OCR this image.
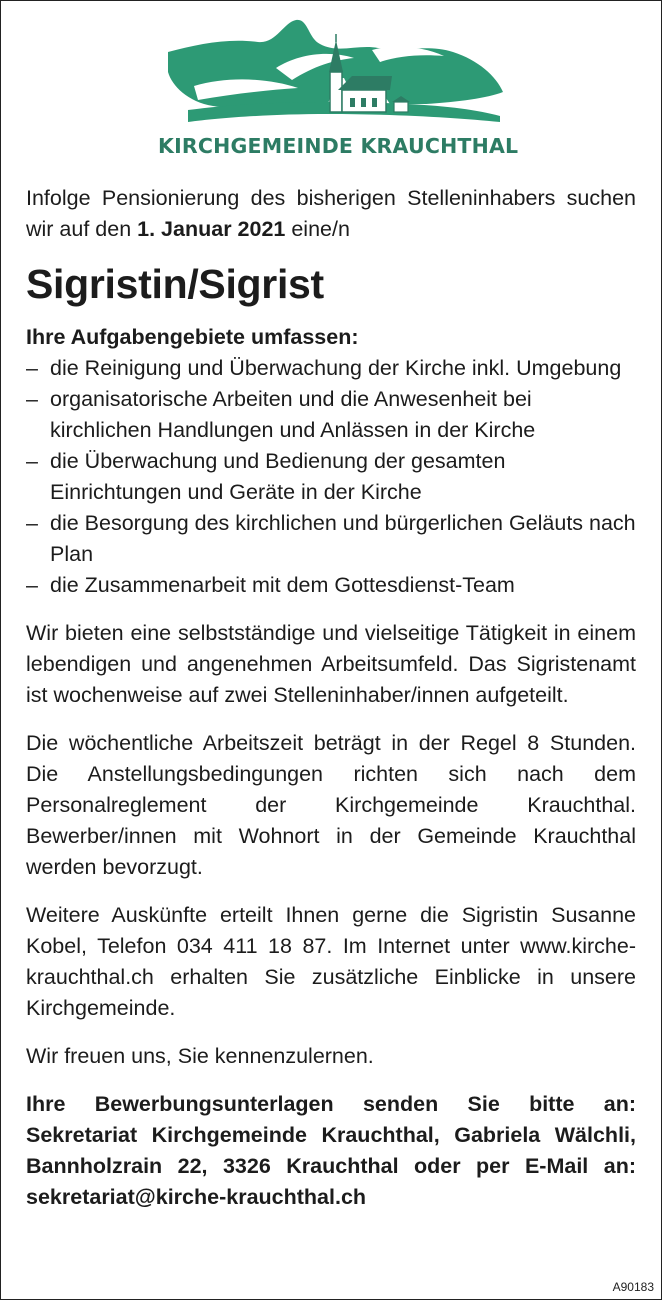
KIRCHGEMEINDE KRAUCHTHAL

Infolge Pensionierung des bisherigen Stelleninhabers suchen wir auf den 1. Januar 2021 eine/n

Sigristin/Sigrist

Ihre Aufgabengebiete umfassen:

– die Reinigung und Überwachung der Kirche inkl. Umgebung
– organisatorische Arbeiten und die Anwesenheit bei kirchlichen Handlungen und Anlässen in der Kirche
– die Überwachung und Bedienung der gesamten Einrichtungen und Geräte in der Kirche
– die Besorgung des kirchlichen und bürgerlichen Geläuts nach Plan
– die Zusammenarbeit mit dem Gottesdienst-Team

Wir bieten eine selbstständige und vielseitige Tätigkeit in einem lebendigen und angenehmen Arbeitsumfeld. Das Sigristenamt ist wochenweise auf zwei Stelleninhaber/innen aufgeteilt.

Die wöchentliche Arbeitszeit beträgt in der Regel 8 Stunden. Die Anstellungsbedingungen richten sich nach dem Personalreglement der Kirchgemeinde Krauchthal. Bewerber/innen mit Wohnort in der Gemeinde Krauchthal werden bevorzugt.

Weitere Auskünfte erteilt Ihnen gerne die Sigristin Susanne Kobel, Telefon 034 411 18 87. Im Internet unter www.kirche-krauchthal.ch erhalten Sie zusätzliche Einblicke in unsere Kirchgemeinde.

Wir freuen uns, Sie kennenzulernen.

Ihre Bewerbungsunterlagen senden Sie bitte an: Sekretariat Kirchgemeinde Krauchthal, Gabriela Wälchli, Bannholzrain 22, 3326 Krauchthal oder per E-Mail an: sekretariat@kirche-krauchthal.ch

A90183
